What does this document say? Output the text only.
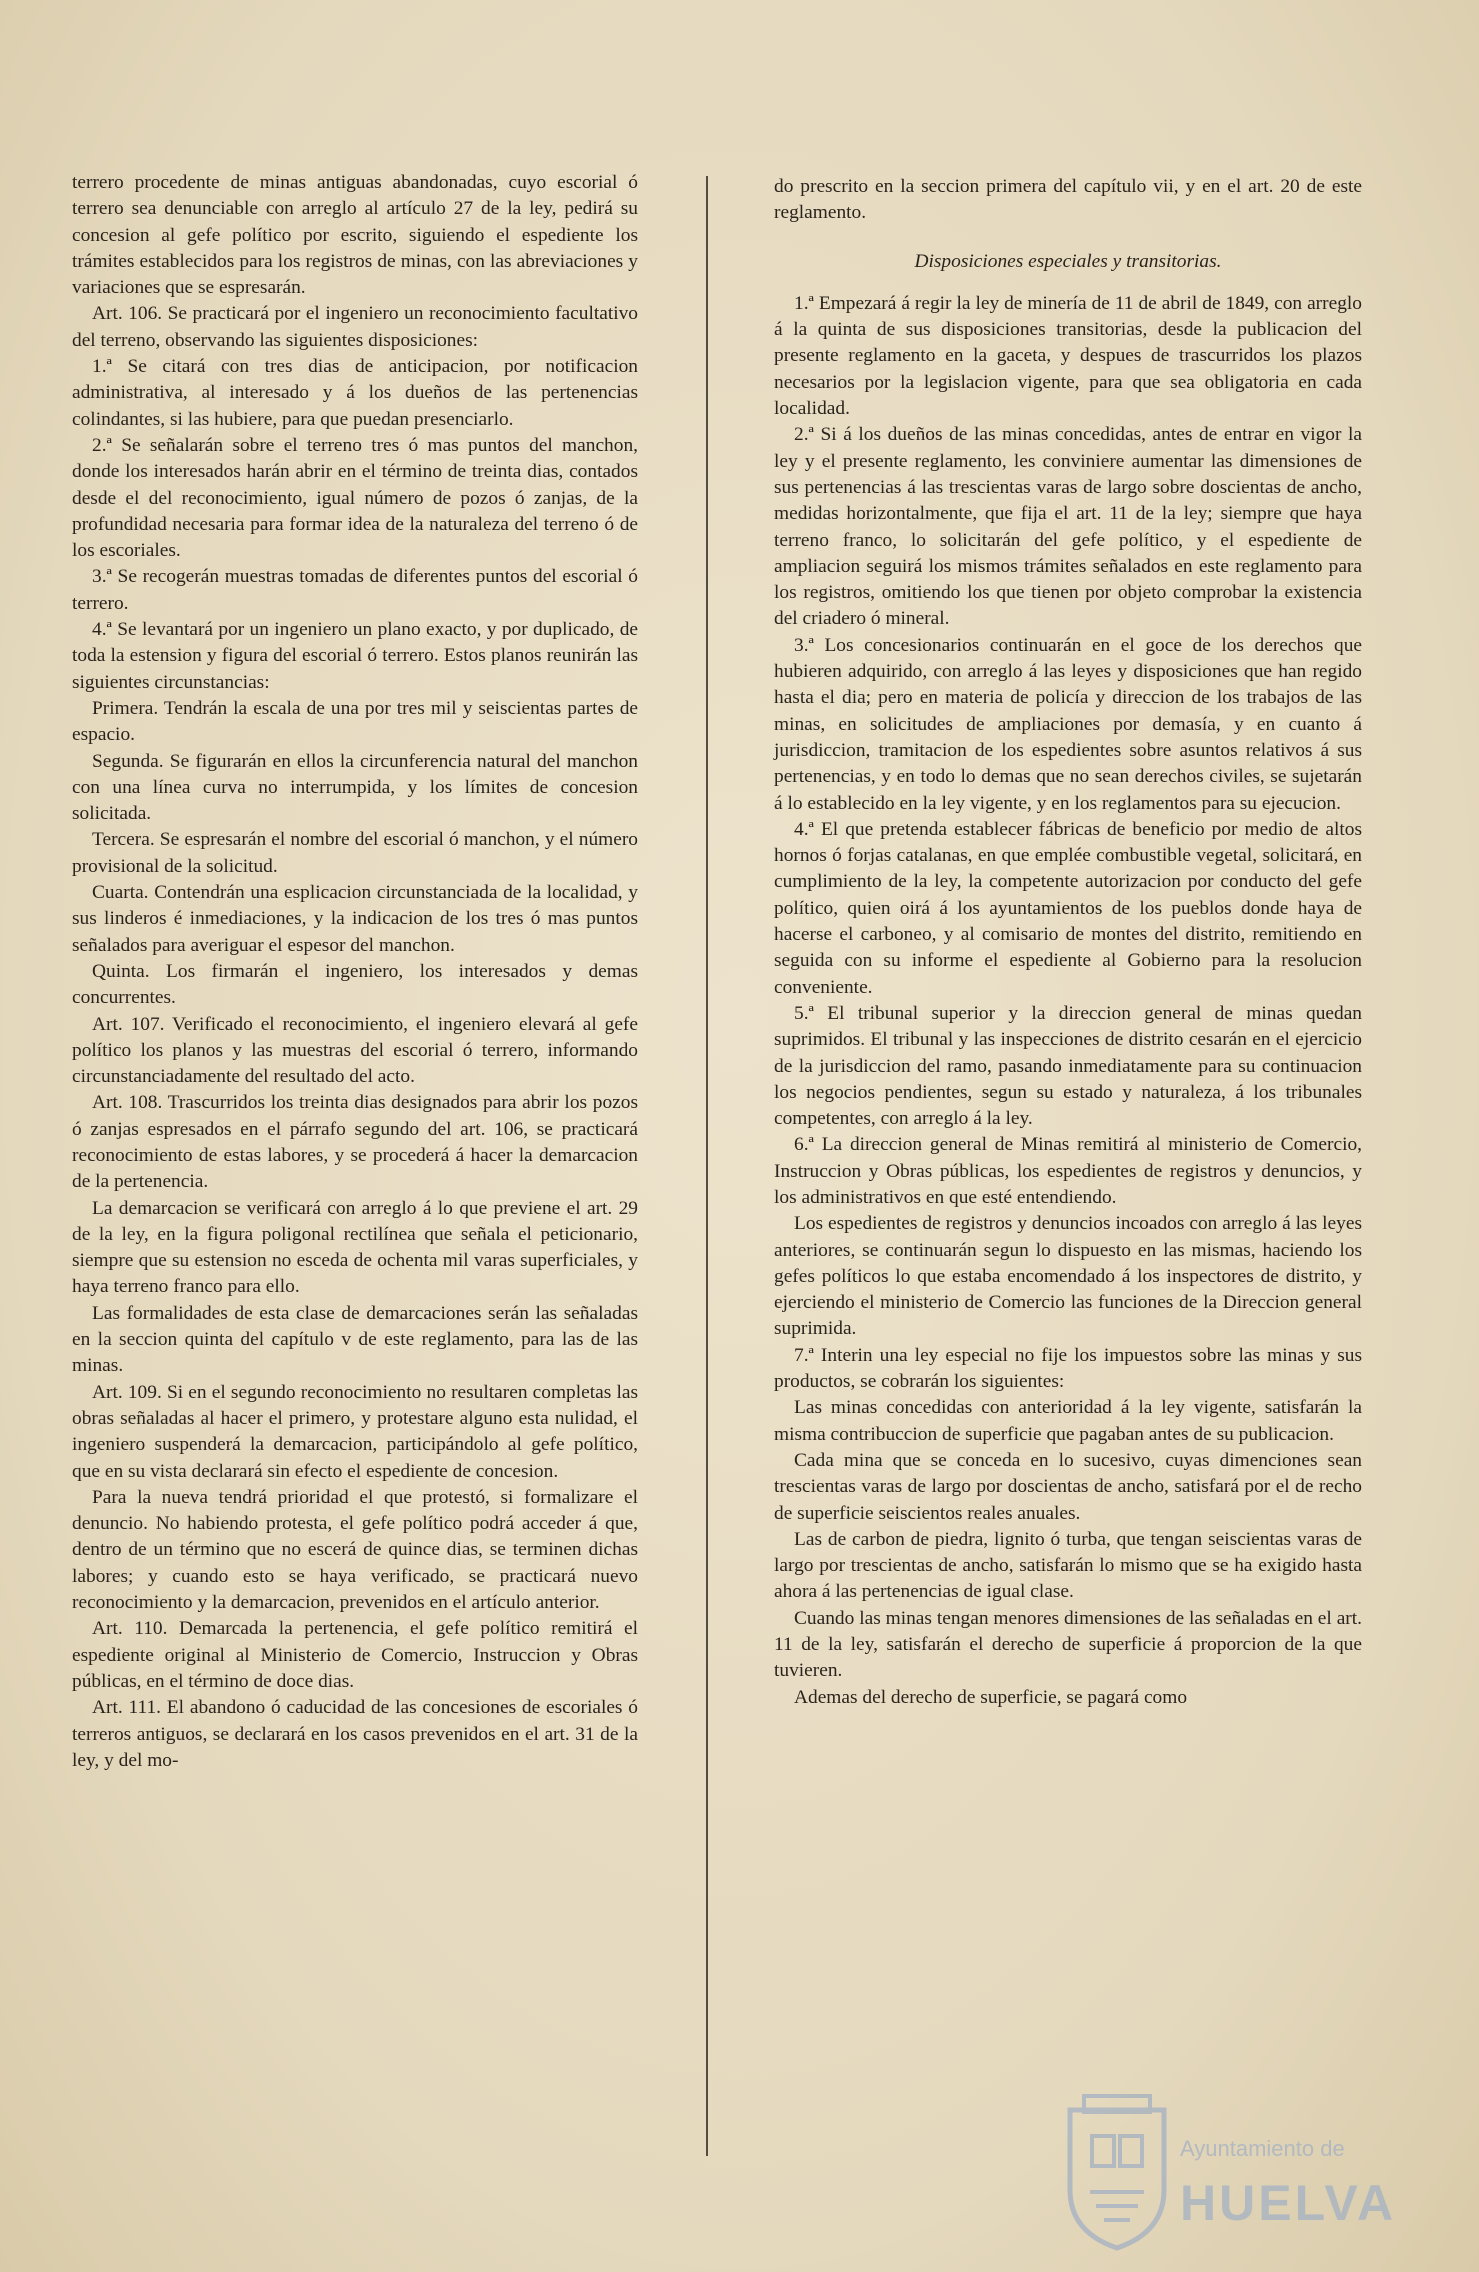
terrero procedente de minas antiguas abandonadas, cuyo escorial ó terrero sea denunciable con arreglo al artículo 27 de la ley, pedirá su concesion al gefe político por escrito, siguiendo el espediente los trámites establecidos para los registros de minas, con las abreviaciones y variaciones que se espresarán.

Art. 106. Se practicará por el ingeniero un reconocimiento facultativo del terreno, observando las siguientes disposiciones:

1.ª Se citará con tres dias de anticipacion, por notificacion administrativa, al interesado y á los dueños de las pertenencias colindantes, si las hubiere, para que puedan presenciarlo.

2.ª Se señalarán sobre el terreno tres ó mas puntos del manchon, donde los interesados harán abrir en el término de treinta dias, contados desde el del reconocimiento, igual número de pozos ó zanjas, de la profundidad necesaria para formar idea de la naturaleza del terreno ó de los escoriales.

3.ª Se recogerán muestras tomadas de diferentes puntos del escorial ó terrero.

4.ª Se levantará por un ingeniero un plano exacto, y por duplicado, de toda la estension y figura del escorial ó terrero. Estos planos reunirán las siguientes circunstancias:

Primera. Tendrán la escala de una por tres mil y seiscientas partes de espacio.

Segunda. Se figurarán en ellos la circunferencia natural del manchon con una línea curva no interrumpida, y los límites de concesion solicitada.

Tercera. Se espresarán el nombre del escorial ó manchon, y el número provisional de la solicitud.

Cuarta. Contendrán una esplicacion circunstanciada de la localidad, y sus linderos é inmediaciones, y la indicacion de los tres ó mas puntos señalados para averiguar el espesor del manchon.

Quinta. Los firmarán el ingeniero, los interesados y demas concurrentes.

Art. 107. Verificado el reconocimiento, el ingeniero elevará al gefe político los planos y las muestras del escorial ó terrero, informando circunstanciadamente del resultado del acto.

Art. 108. Trascurridos los treinta dias designados para abrir los pozos ó zanjas espresados en el párrafo segundo del art. 106, se practicará reconocimiento de estas labores, y se procederá á hacer la demarcacion de la pertenencia.

La demarcacion se verificará con arreglo á lo que previene el art. 29 de la ley, en la figura poligonal rectilínea que señala el peticionario, siempre que su estension no esceda de ochenta mil varas superficiales, y haya terreno franco para ello.

Las formalidades de esta clase de demarcaciones serán las señaladas en la seccion quinta del capítulo v de este reglamento, para las de las minas.

Art. 109. Si en el segundo reconocimiento no resultaren completas las obras señaladas al hacer el primero, y protestare alguno esta nulidad, el ingeniero suspenderá la demarcacion, participándolo al gefe político, que en su vista declarará sin efecto el espediente de concesion.

Para la nueva tendrá prioridad el que protestó, si formalizare el denuncio. No habiendo protesta, el gefe político podrá acceder á que, dentro de un término que no escerá de quince dias, se terminen dichas labores; y cuando esto se haya verificado, se practicará nuevo reconocimiento y la demarcacion, prevenidos en el artículo anterior.

Art. 110. Demarcada la pertenencia, el gefe político remitirá el espediente original al Ministerio de Comercio, Instruccion y Obras públicas, en el término de doce dias.

Art. 111. El abandono ó caducidad de las concesiones de escoriales ó terreros antiguos, se declarará en los casos prevenidos en el art. 31 de la ley, y del mo-

do prescrito en la seccion primera del capítulo vii, y en el art. 20 de este reglamento.

Disposiciones especiales y transitorias.

1.ª Empezará á regir la ley de minería de 11 de abril de 1849, con arreglo á la quinta de sus disposiciones transitorias, desde la publicacion del presente reglamento en la gaceta, y despues de trascurridos los plazos necesarios por la legislacion vigente, para que sea obligatoria en cada localidad.

2.ª Si á los dueños de las minas concedidas, antes de entrar en vigor la ley y el presente reglamento, les conviniere aumentar las dimensiones de sus pertenencias á las trescientas varas de largo sobre doscientas de ancho, medidas horizontalmente, que fija el art. 11 de la ley; siempre que haya terreno franco, lo solicitarán del gefe político, y el espediente de ampliacion seguirá los mismos trámites señalados en este reglamento para los registros, omitiendo los que tienen por objeto comprobar la existencia del criadero ó mineral.

3.ª Los concesionarios continuarán en el goce de los derechos que hubieren adquirido, con arreglo á las leyes y disposiciones que han regido hasta el dia; pero en materia de policía y direccion de los trabajos de las minas, en solicitudes de ampliaciones por demasía, y en cuanto á jurisdiccion, tramitacion de los espedientes sobre asuntos relativos á sus pertenencias, y en todo lo demas que no sean derechos civiles, se sujetarán á lo establecido en la ley vigente, y en los reglamentos para su ejecucion.

4.ª El que pretenda establecer fábricas de beneficio por medio de altos hornos ó forjas catalanas, en que emplée combustible vegetal, solicitará, en cumplimiento de la ley, la competente autorizacion por conducto del gefe político, quien oirá á los ayuntamientos de los pueblos donde haya de hacerse el carboneo, y al comisario de montes del distrito, remitiendo en seguida con su informe el espediente al Gobierno para la resolucion conveniente.

5.ª El tribunal superior y la direccion general de minas quedan suprimidos. El tribunal y las inspecciones de distrito cesarán en el ejercicio de la jurisdiccion del ramo, pasando inmediatamente para su continuacion los negocios pendientes, segun su estado y naturaleza, á los tribunales competentes, con arreglo á la ley.

6.ª La direccion general de Minas remitirá al ministerio de Comercio, Instruccion y Obras públicas, los espedientes de registros y denuncios, y los administrativos en que esté entendiendo.

Los espedientes de registros y denuncios incoados con arreglo á las leyes anteriores, se continuarán segun lo dispuesto en las mismas, haciendo los gefes políticos lo que estaba encomendado á los inspectores de distrito, y ejerciendo el ministerio de Comercio las funciones de la Direccion general suprimida.

7.ª Interin una ley especial no fije los impuestos sobre las minas y sus productos, se cobrarán los siguientes:

Las minas concedidas con anterioridad á la ley vigente, satisfarán la misma contribuccion de superficie que pagaban antes de su publicacion.

Cada mina que se conceda en lo sucesivo, cuyas dimenciones sean trescientas varas de largo por doscientas de ancho, satisfará por el de recho de superficie seiscientos reales anuales.

Las de carbon de piedra, lignito ó turba, que tengan seiscientas varas de largo por trescientas de ancho, satisfarán lo mismo que se ha exigido hasta ahora á las pertenencias de igual clase.

Cuando las minas tengan menores dimensiones de las señaladas en el art. 11 de la ley, satisfarán el derecho de superficie á proporcion de la que tuvieren.

Ademas del derecho de superficie, se pagará como

Ayuntamiento de
HUELVA
